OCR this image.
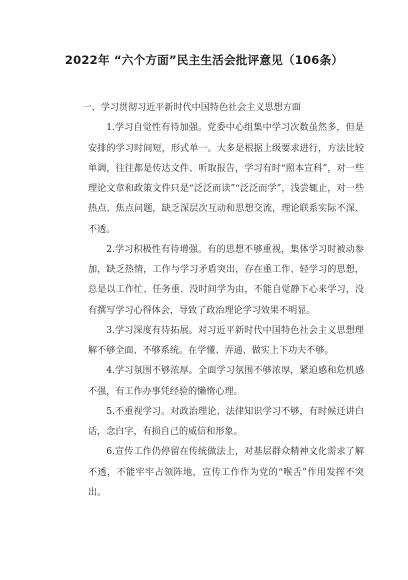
2022年 “六个方面”民主生活会批评意见（106条）

一、学习贯彻习近平新时代中国特色社会主义思想方面

1.学习自觉性有待加强。党委中心组集中学习次数虽然多，但是安排的学习时间短，形式单一。大多是根据上级要求进行，方法比较单调，往往都是传达文件、听取报告，学习有时“照本宣科”，对一些理论文章和政策文件只是“泛泛而读”“泛泛而学”，浅尝辄止，对一些热点、焦点问题，缺乏深层次互动和思想交流，理论联系实际不深、不透。

2.学习积极性有待增强。有的思想不够重视，集体学习时被动参加，缺乏热情，工作与学习矛盾突出，存在重工作、轻学习的思想，总是以工作忙、任务重、没时间学为由，不能自觉静下心来学习，没有撰写学习心得体会，导致了政治理论学习效果不明显。

3.学习深度有待拓展。对习近平新时代中国特色社会主义思想理解不够全面、不够系统。在学懂、弄通、做实上下功夫不够。

4.学习氛围不够浓厚。全面学习氛围不够浓厚，紧迫感和危机感不强，有工作办事凭经验的懒惰心理。

5.不重视学习。对政治理论、法律知识学习不够，有时候迁讲白话，念白字，有损自己的威信和形象。

6.宣传工作仍停留在传统做法上，对基层群众精神文化需求了解不透，不能牢牢占领阵地，宣传工作作为党的“喉舌”作用发挥不突出。
